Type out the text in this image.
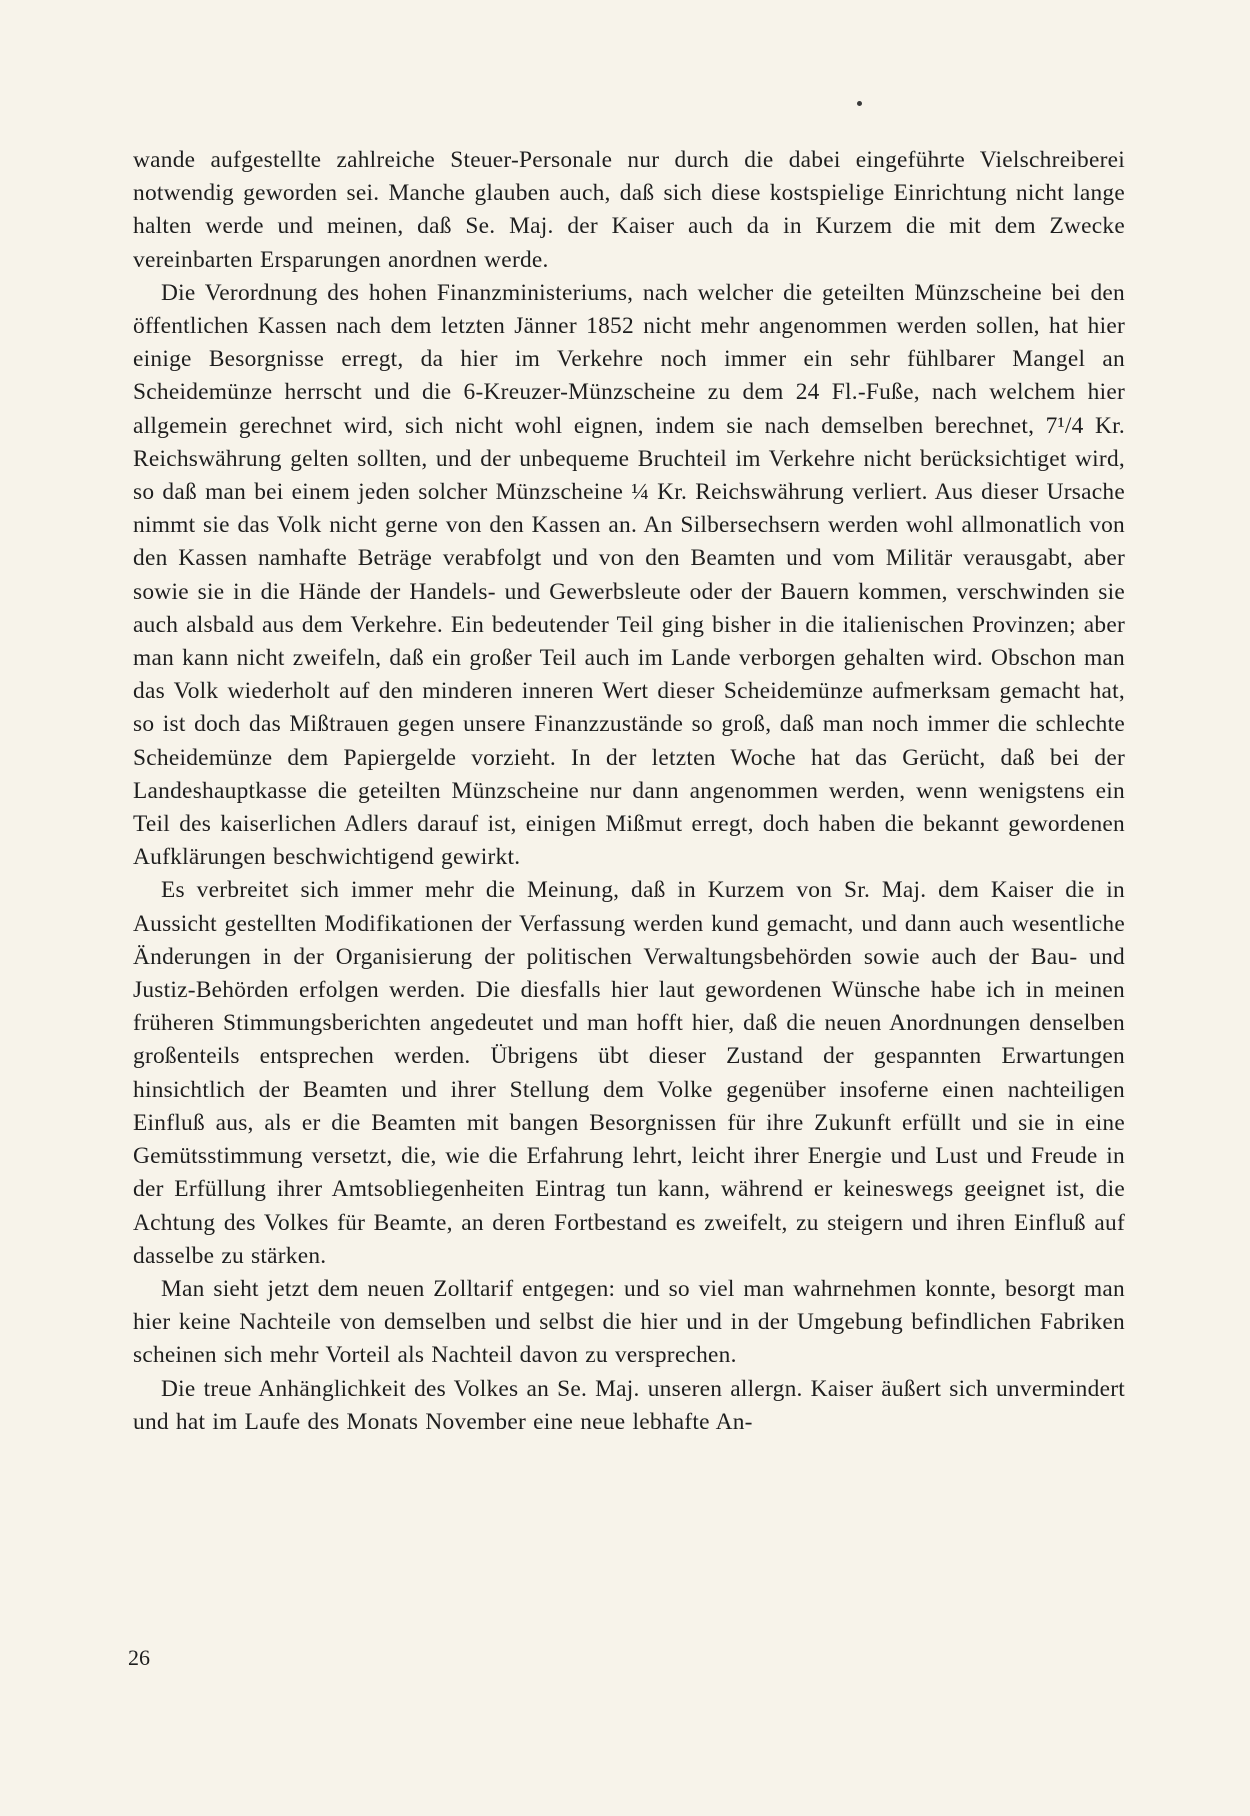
wande aufgestellte zahlreiche Steuer-Personale nur durch die dabei eingeführte Vielschreiberei notwendig geworden sei. Manche glauben auch, daß sich diese kostspielige Einrichtung nicht lange halten werde und meinen, daß Se. Maj. der Kaiser auch da in Kurzem die mit dem Zwecke vereinbarten Ersparungen anordnen werde.

Die Verordnung des hohen Finanzministeriums, nach welcher die geteilten Münzscheine bei den öffentlichen Kassen nach dem letzten Jänner 1852 nicht mehr angenommen werden sollen, hat hier einige Besorgnisse erregt, da hier im Verkehre noch immer ein sehr fühlbarer Mangel an Scheidemünze herrscht und die 6-Kreuzer-Münzscheine zu dem 24 Fl.-Fuße, nach welchem hier allgemein gerechnet wird, sich nicht wohl eignen, indem sie nach demselben berechnet, 7¹/4 Kr. Reichswährung gelten sollten, und der unbequeme Bruchteil im Verkehre nicht berücksichtiget wird, so daß man bei einem jeden solcher Münzscheine ¼ Kr. Reichswährung verliert. Aus dieser Ursache nimmt sie das Volk nicht gerne von den Kassen an. An Silbersechsern werden wohl allmonatlich von den Kassen namhafte Beträge verabfolgt und von den Beamten und vom Militär verausgabt, aber sowie sie in die Hände der Handels- und Gewerbsleute oder der Bauern kommen, verschwinden sie auch alsbald aus dem Verkehre. Ein bedeutender Teil ging bisher in die italienischen Provinzen; aber man kann nicht zweifeln, daß ein großer Teil auch im Lande verborgen gehalten wird. Obschon man das Volk wiederholt auf den minderen inneren Wert dieser Scheidemünze aufmerksam gemacht hat, so ist doch das Mißtrauen gegen unsere Finanzzustände so groß, daß man noch immer die schlechte Scheidemünze dem Papiergelde vorzieht. In der letzten Woche hat das Gerücht, daß bei der Landeshauptkasse die geteilten Münzscheine nur dann angenommen werden, wenn wenigstens ein Teil des kaiserlichen Adlers darauf ist, einigen Mißmut erregt, doch haben die bekannt gewordenen Aufklärungen beschwichtigend gewirkt.

Es verbreitet sich immer mehr die Meinung, daß in Kurzem von Sr. Maj. dem Kaiser die in Aussicht gestellten Modifikationen der Verfassung werden kund gemacht, und dann auch wesentliche Änderungen in der Organisierung der politischen Verwaltungsbehörden sowie auch der Bau- und Justiz-Behörden erfolgen werden. Die diesfalls hier laut gewordenen Wünsche habe ich in meinen früheren Stimmungsberichten angedeutet und man hofft hier, daß die neuen Anordnungen denselben großenteils entsprechen werden. Übrigens übt dieser Zustand der gespannten Erwartungen hinsichtlich der Beamten und ihrer Stellung dem Volke gegenüber insoferne einen nachteiligen Einfluß aus, als er die Beamten mit bangen Besorgnissen für ihre Zukunft erfüllt und sie in eine Gemütsstimmung versetzt, die, wie die Erfahrung lehrt, leicht ihrer Energie und Lust und Freude in der Erfüllung ihrer Amtsobliegenheiten Eintrag tun kann, während er keineswegs geeignet ist, die Achtung des Volkes für Beamte, an deren Fortbestand es zweifelt, zu steigern und ihren Einfluß auf dasselbe zu stärken.

Man sieht jetzt dem neuen Zolltarif entgegen: und so viel man wahrnehmen konnte, besorgt man hier keine Nachteile von demselben und selbst die hier und in der Umgebung befindlichen Fabriken scheinen sich mehr Vorteil als Nachteil davon zu versprechen.

Die treue Anhänglichkeit des Volkes an Se. Maj. unseren allergn. Kaiser äußert sich unvermindert und hat im Laufe des Monats November eine neue lebhafte An-

26
